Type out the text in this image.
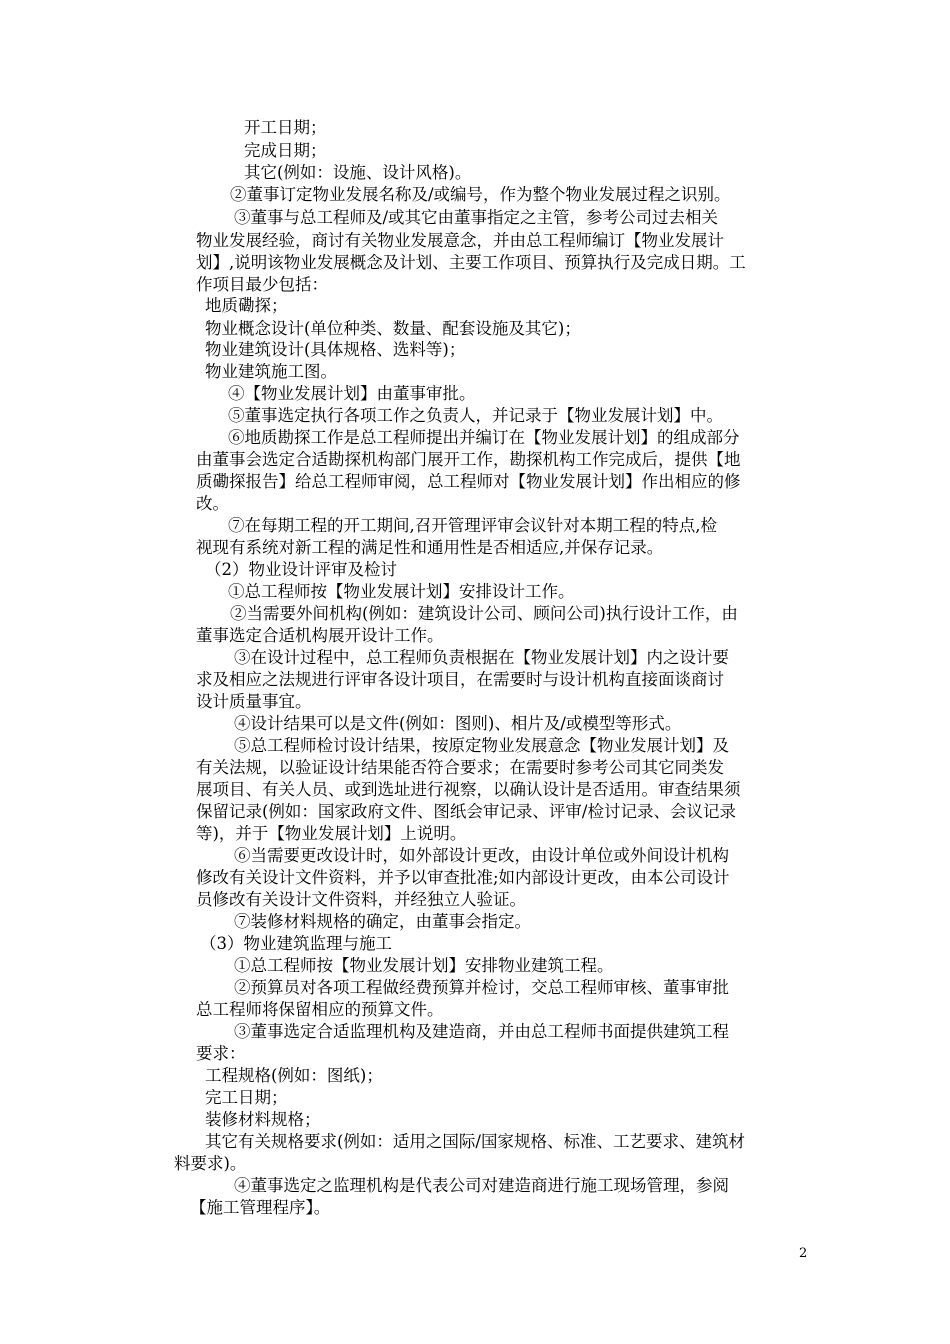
开工日期；
完成日期；
其它(例如：设施、设计风格)。
②董事订定物业发展名称及/或编号，作为整个物业发展过程之识别。
③董事与总工程师及/或其它由董事指定之主管，参考公司过去相关
物业发展经验，商讨有关物业发展意念，并由总工程师编订【物业发展计
划】,说明该物业发展概念及计划、主要工作项目、预算执行及完成日期。工
作项目最少包括：
地质磡探；
物业概念设计(单位种类、数量、配套设施及其它)；
物业建筑设计(具体规格、选料等)；
物业建筑施工图。
④【物业发展计划】由董事审批。
⑤董事选定执行各项工作之负责人，并记录于【物业发展计划】中。
⑥地质勘探工作是总工程师提出并编订在【物业发展计划】的组成部分
由董事会选定合适勘探机构部门展开工作，勘探机构工作完成后，提供【地
质磡探报告】给总工程师审阅，总工程师对【物业发展计划】作出相应的修
改。
⑦在每期工程的开工期间,召开管理评审会议针对本期工程的特点,检
视现有系统对新工程的满足性和通用性是否相适应,并保存记录。
（2）物业设计评审及检讨
①总工程师按【物业发展计划】安排设计工作。
②当需要外间机构(例如：建筑设计公司、顾问公司)执行设计工作，由
董事选定合适机构展开设计工作。
③在设计过程中，总工程师负责根据在【物业发展计划】内之设计要
求及相应之法规进行评审各设计项目，在需要时与设计机构直接面谈商讨
设计质量事宜。
④设计结果可以是文件(例如：图则)、相片及/或模型等形式。
⑤总工程师检讨设计结果，按原定物业发展意念【物业发展计划】及
有关法规，以验证设计结果能否符合要求；在需要时参考公司其它同类发
展项目、有关人员、或到选址进行视察，以确认设计是否适用。审查结果须
保留记录(例如：国家政府文件、图纸会审记录、评审/检讨记录、会议记录
等)，并于【物业发展计划】上说明。
⑥当需要更改设计时，如外部设计更改，由设计单位或外间设计机构
修改有关设计文件资料，并予以审查批准;如内部设计更改，由本公司设计
员修改有关设计文件资料，并经独立人验证。
⑦装修材料规格的确定，由董事会指定。
（3）物业建筑监理与施工
①总工程师按【物业发展计划】安排物业建筑工程。
②预算员对各项工程做经费预算并检讨，交总工程师审核、董事审批
总工程师将保留相应的预算文件。
③董事选定合适监理机构及建造商，并由总工程师书面提供建筑工程
要求：
工程规格(例如：图纸)；
完工日期；
装修材料规格；
其它有关规格要求(例如：适用之国际/国家规格、标准、工艺要求、建筑材
料要求)。
④董事选定之监理机构是代表公司对建造商进行施工现场管理，参阅
【施工管理程序】。
2
